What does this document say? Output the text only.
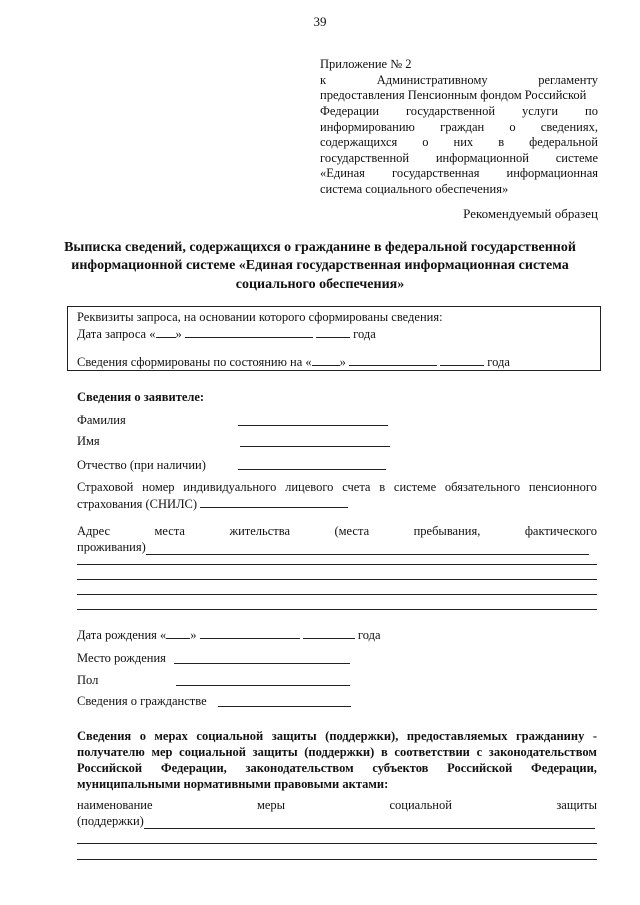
39
Приложение № 2
к	Административному	регламенту
предоставления Пенсионным фондом Российской
Федерации государственной услуги по
информированию граждан о сведениях,
содержащихся о них в федеральной
государственной информационной системе
«Единая государственная информационная
система социального обеспечения»
Рекомендуемый образец
Выписка сведений, содержащихся о гражданине в федеральной государственной информационной системе «Единая государственная информационная система социального обеспечения»
Реквизиты запроса, на основании которого сформированы сведения:
Дата запроса « »	года
Сведения сформированы по состоянию на « »	года
Сведения о заявителе:
Фамилия
Имя
Отчество (при наличии)
Страховой номер индивидуального лицевого счета в системе обязательного пенсионного
страхования (СНИЛС)
Адрес	места	жительства	(места	пребывания,	фактического
проживания)
Дата рождения « »	года
Место рождения
Пол
Сведения о гражданстве
Сведения о мерах социальной защиты (поддержки), предоставляемых гражданину -
получателю мер социальной защиты (поддержки) в соответствии с законодательством
Российской Федерации, законодательством субъектов Российской Федерации,
муниципальными нормативными правовыми актами:
наименование	меры	социальной	защиты
(поддержки)
